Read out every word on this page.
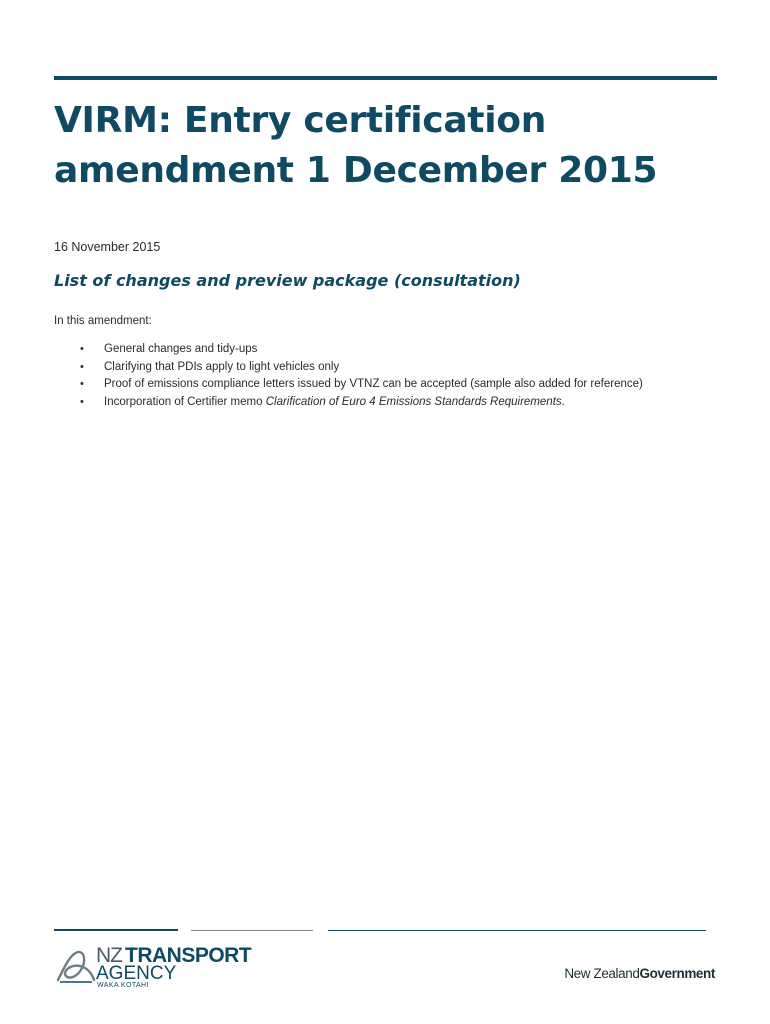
VIRM: Entry certification
amendment 1 December 2015
16 November 2015
List of changes and preview package (consultation)
In this amendment:
• General changes and tidy-ups
• Clarifying that PDIs apply to light vehicles only
• Proof of emissions compliance letters issued by VTNZ can be accepted (sample also added for reference)
• Incorporation of Certifier memo Clarification of Euro 4 Emissions Standards Requirements.
NZ TRANSPORT
AGENCY
WAKA KOTAHI
New ZealandGovernment
